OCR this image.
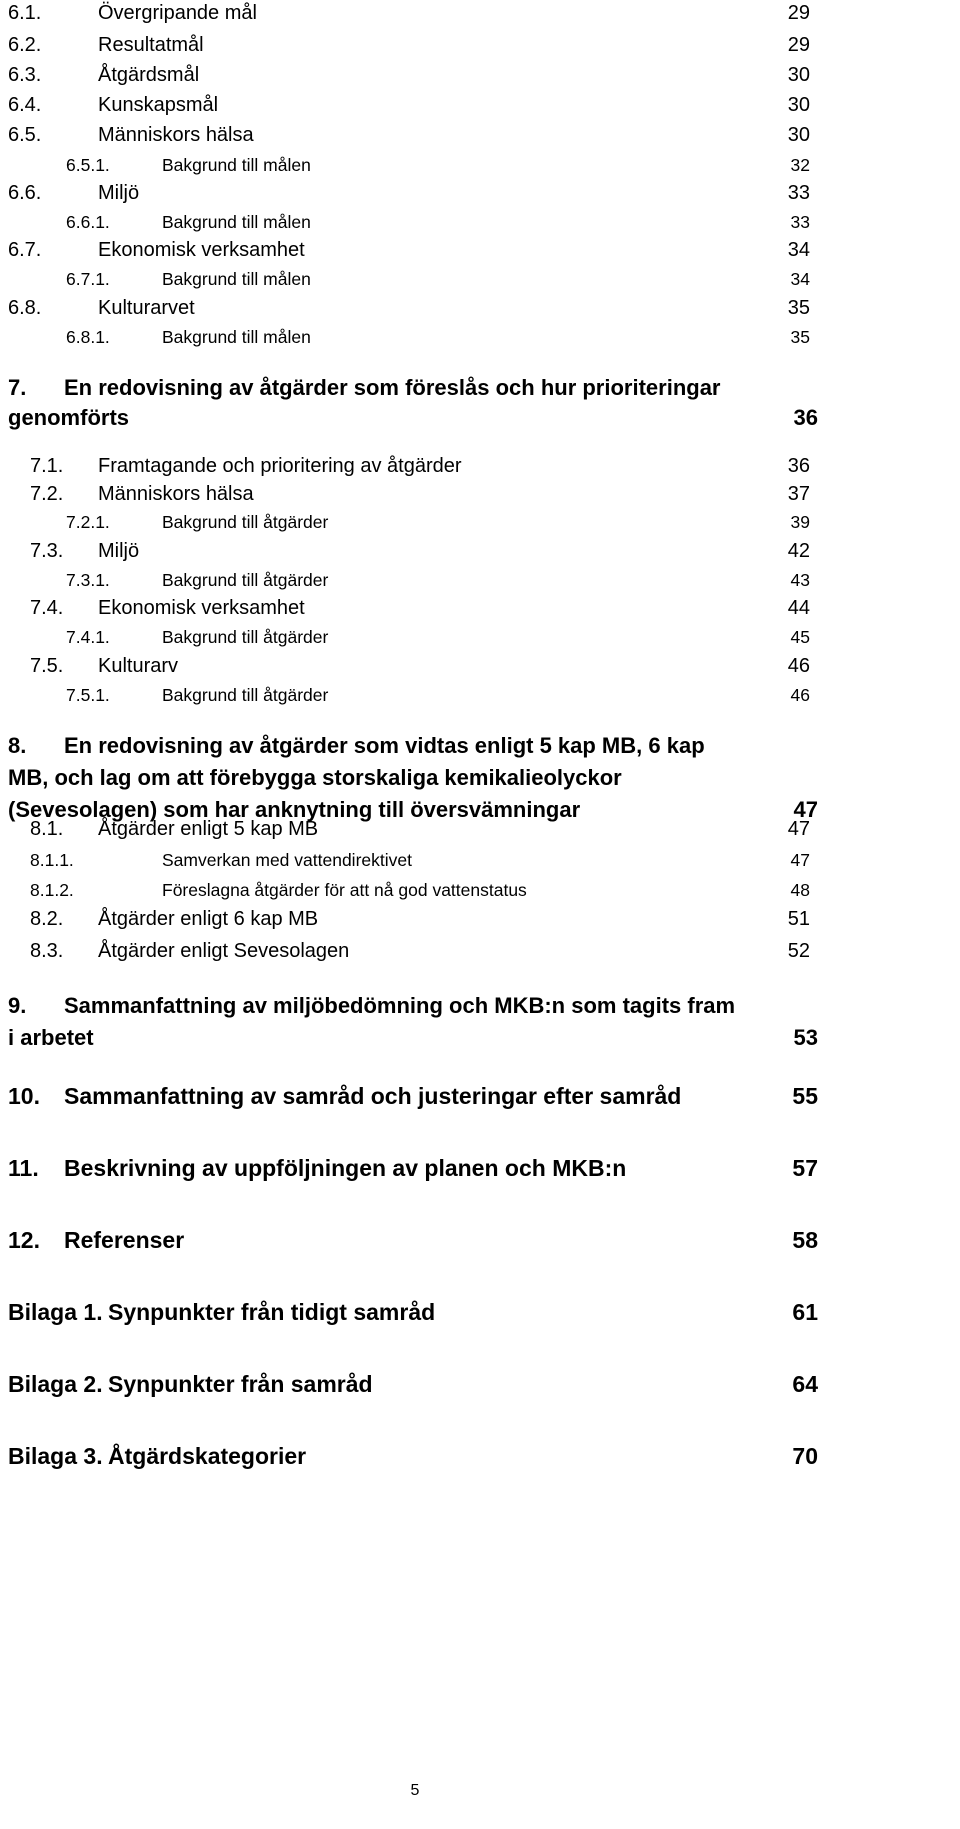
6.1.	Övergripande mål	29
6.2.	Resultatmål	29
6.3.	Åtgärdsmål	30
6.4.	Kunskapsmål	30
6.5.	Människors hälsa	30
6.5.1.	Bakgrund till målen	32
6.6.	Miljö	33
6.6.1.	Bakgrund till målen	33
6.7.	Ekonomisk verksamhet	34
6.7.1.	Bakgrund till målen	34
6.8.	Kulturarvet	35
6.8.1.	Bakgrund till målen	35
7.	En redovisning av åtgärder som föreslås och hur prioriteringar
genomförts	36
7.1.	Framtagande och prioritering av åtgärder	36
7.2.	Människors hälsa	37
7.2.1.	Bakgrund till åtgärder	39
7.3.	Miljö	42
7.3.1.	Bakgrund till åtgärder	43
7.4.	Ekonomisk verksamhet	44
7.4.1.	Bakgrund till åtgärder	45
7.5.	Kulturarv	46
7.5.1.	Bakgrund till åtgärder	46
8.	En redovisning av åtgärder som vidtas enligt 5 kap MB, 6 kap
MB, och lag om att förebygga storskaliga kemikalieolyckor
(Sevesolagen) som har anknytning till översvämningar	47
8.1.	Åtgärder enligt 5 kap MB	47
8.1.1.	Samverkan med vattendirektivet	47
8.1.2.	Föreslagna åtgärder för att nå god vattenstatus	48
8.2.	Åtgärder enligt 6 kap MB	51
8.3.	Åtgärder enligt Sevesolagen	52
9.	Sammanfattning av miljöbedömning och MKB:n som tagits fram
i arbetet	53
10.	Sammanfattning av samråd och justeringar efter samråd	55
11.	Beskrivning av uppföljningen av planen och MKB:n	57
12.	Referenser	58
Bilaga 1. Synpunkter från tidigt samråd	61
Bilaga 2. Synpunkter från samråd	64
Bilaga 3. Åtgärdskategorier	70
5
